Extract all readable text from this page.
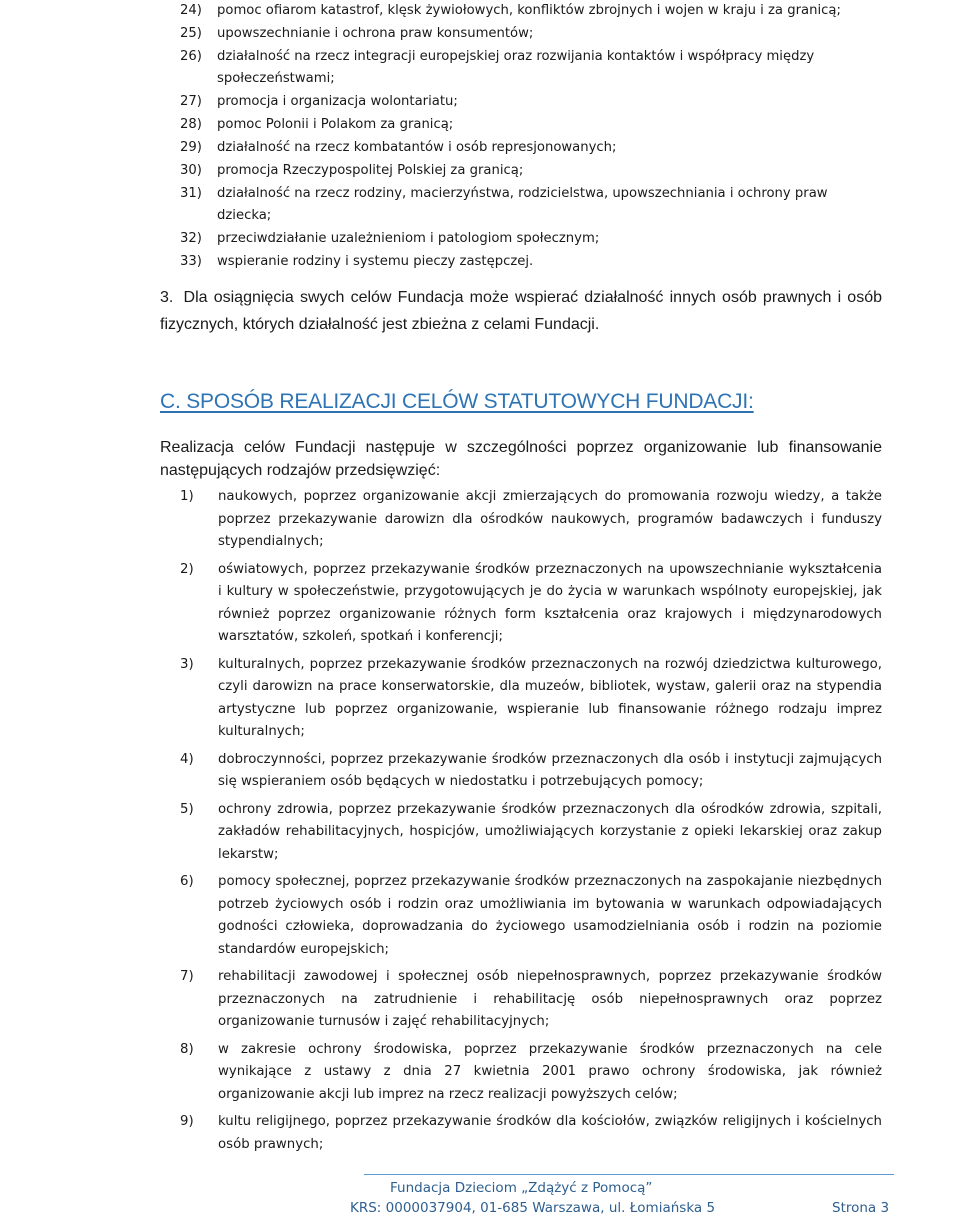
24)	pomoc ofiarom katastrof, klęsk żywiołowych, konfliktów zbrojnych i wojen w kraju i za granicą;
25)	upowszechnianie i ochrona praw konsumentów;
26)	działalność na rzecz integracji europejskiej oraz rozwijania kontaktów i współpracy między społeczeństwami;
27)	promocja i organizacja wolontariatu;
28)	pomoc Polonii i Polakom za granicą;
29)	działalność na rzecz kombatantów i osób represjonowanych;
30)	promocja Rzeczypospolitej Polskiej za granicą;
31)	działalność na rzecz rodziny, macierzyństwa, rodzicielstwa, upowszechniania i ochrony praw dziecka;
32)	przeciwdziałanie uzależnieniom i patologiom społecznym;
33)	wspieranie rodziny i systemu pieczy zastępczej.
3. Dla osiągnięcia swych celów Fundacja może wspierać działalność innych osób prawnych i osób fizycznych, których działalność jest zbieżna z celami Fundacji.
C. SPOSÓB REALIZACJI CELÓW STATUTOWYCH FUNDACJI:
Realizacja celów Fundacji następuje w szczególności poprzez organizowanie lub finansowanie następujących rodzajów przedsięwzięć:
1)	naukowych, poprzez organizowanie akcji zmierzających do promowania rozwoju wiedzy, a także poprzez przekazywanie darowizn dla ośrodków naukowych, programów badawczych i funduszy stypendialnych;
2)	oświatowych, poprzez przekazywanie środków przeznaczonych na upowszechnianie wykształcenia i kultury w społeczeństwie, przygotowujących je do życia w warunkach wspólnoty europejskiej, jak również poprzez organizowanie różnych form kształcenia oraz krajowych i międzynarodowych warsztatów, szkoleń, spotkań i konferencji;
3)	kulturalnych, poprzez przekazywanie środków przeznaczonych na rozwój dziedzictwa kulturowego, czyli darowizn na prace konserwatorskie, dla muzeów, bibliotek, wystaw, galerii oraz na stypendia artystyczne lub poprzez organizowanie, wspieranie lub finansowanie różnego rodzaju imprez kulturalnych;
4)	dobroczynności, poprzez przekazywanie środków przeznaczonych dla osób i instytucji zajmujących się wspieraniem osób będących w niedostatku i potrzebujących pomocy;
5)	ochrony zdrowia, poprzez przekazywanie środków przeznaczonych dla ośrodków zdrowia, szpitali, zakładów rehabilitacyjnych, hospicjów, umożliwiających korzystanie z opieki lekarskiej oraz zakup lekarstw;
6)	pomocy społecznej, poprzez przekazywanie środków przeznaczonych na zaspokajanie niezbędnych potrzeb życiowych osób i rodzin oraz umożliwiania im bytowania w warunkach odpowiadających godności człowieka, doprowadzania do życiowego usamodzielniania osób i rodzin na poziomie standardów europejskich;
7)	rehabilitacji zawodowej i społecznej osób niepełnosprawnych, poprzez przekazywanie środków przeznaczonych na zatrudnienie i rehabilitację osób niepełnosprawnych oraz poprzez organizowanie turnusów i zajęć rehabilitacyjnych;
8)	w zakresie ochrony środowiska, poprzez przekazywanie środków przeznaczonych na cele wynikające z ustawy z dnia 27 kwietnia 2001 prawo ochrony środowiska, jak również organizowanie akcji lub imprez na rzecz realizacji powyższych celów;
9)	kultu religijnego, poprzez przekazywanie środków dla kościołów, związków religijnych i kościelnych osób prawnych;
Fundacja Dzieciom „Zdążyć z Pomocą”
KRS: 0000037904, 01-685 Warszawa, ul. Łomiańska 5	Strona 3
